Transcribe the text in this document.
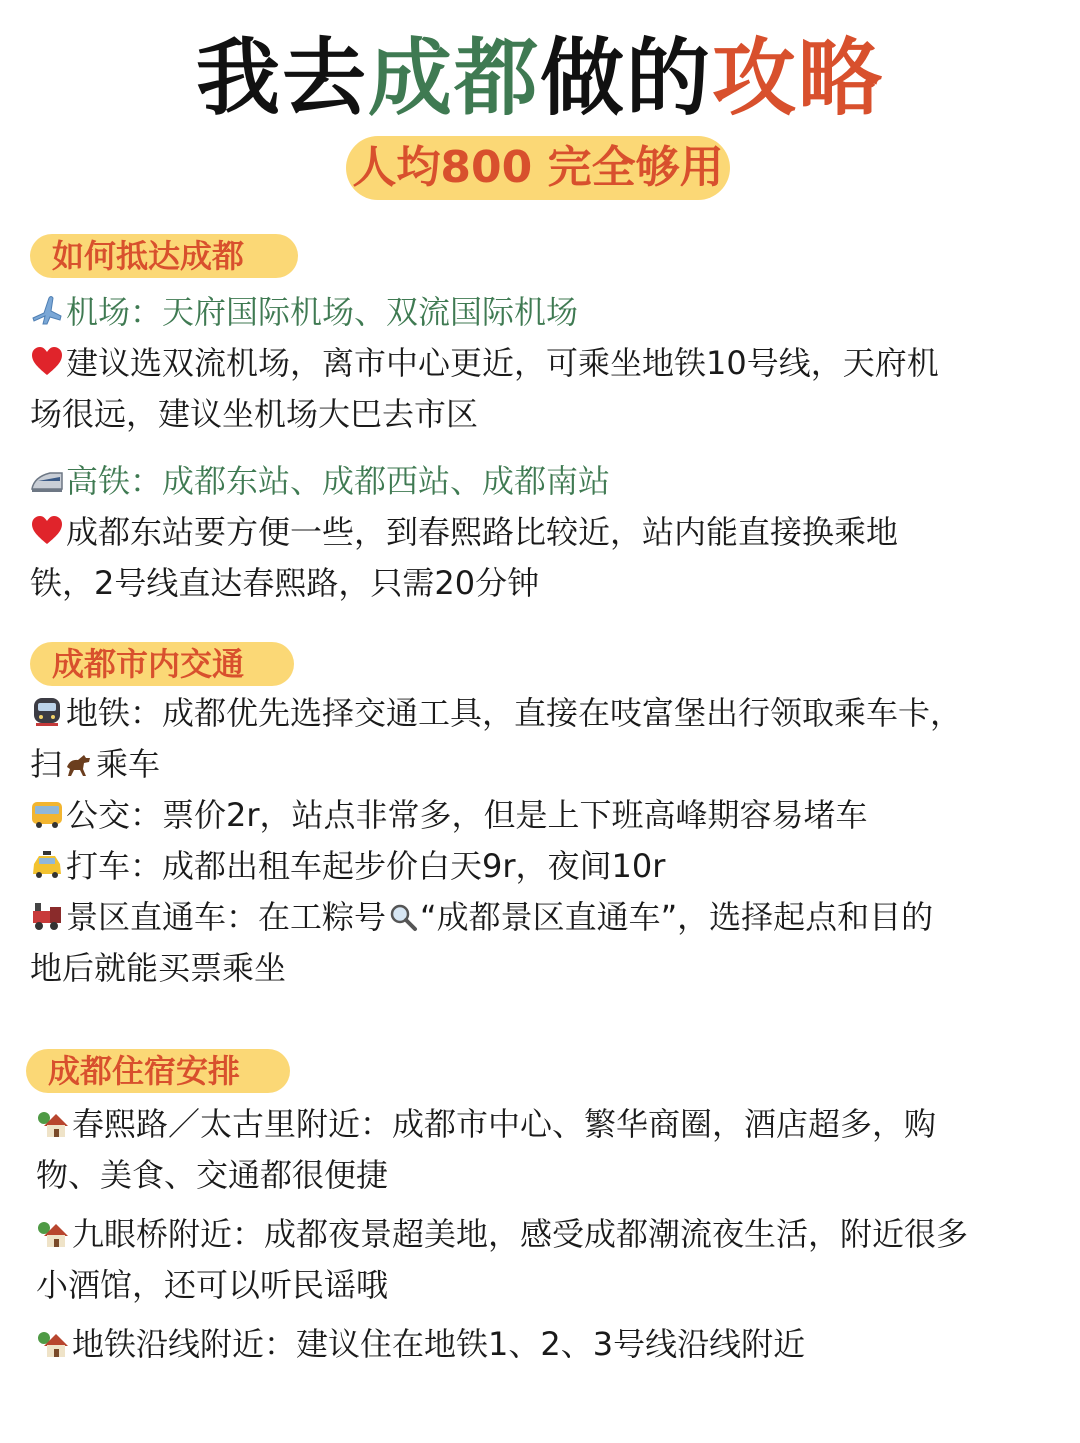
我去成都做的攻略
人均800 完全够用
如何抵达成都
机场：天府国际机场、双流国际机场
建议选双流机场，离市中心更近，可乘坐地铁10号线，天府机
场很远，建议坐机场大巴去市区
高铁：成都东站、成都西站、成都南站
成都东站要方便一些，到春熙路比较近，站内能直接换乘地
铁，2号线直达春熙路，只需20分钟
成都市内交通
地铁：成都优先选择交通工具，直接在吱富堡出行领取乘车卡，
扫 乘车
公交：票价2r，站点非常多，但是上下班高峰期容易堵车
打车：成都出租车起步价白天9r，夜间10r
景区直通车：在工粽号 “成都景区直通车”，选择起点和目的
地后就能买票乘坐
成都住宿安排
春熙路／太古里附近：成都市中心、繁华商圈，酒店超多，购
物、美食、交通都很便捷
九眼桥附近：成都夜景超美地，感受成都潮流夜生活，附近很多
小酒馆，还可以听民谣哦
地铁沿线附近：建议住在地铁1、2、3号线沿线附近
